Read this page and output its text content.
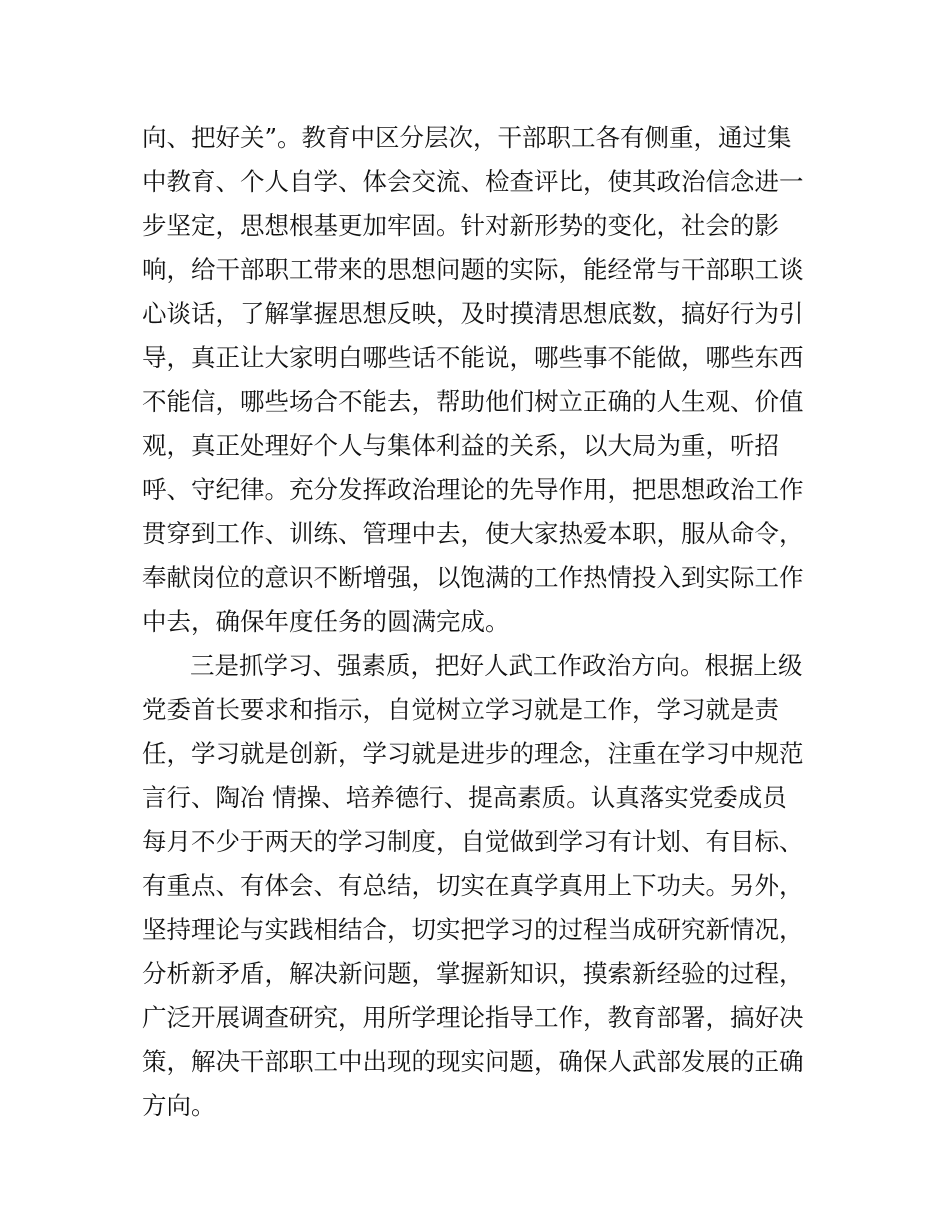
向、把好关”。教育中区分层次，干部职工各有侧重，通过集
中教育、个人自学、体会交流、检查评比，使其政治信念进一
步坚定，思想根基更加牢固。针对新形势的变化，社会的影
响，给干部职工带来的思想问题的实际，能经常与干部职工谈
心谈话，了解掌握思想反映，及时摸清思想底数，搞好行为引
导，真正让大家明白哪些话不能说，哪些事不能做，哪些东西
不能信，哪些场合不能去，帮助他们树立正确的人生观、价值
观，真正处理好个人与集体利益的关系，以大局为重，听招
呼、守纪律。充分发挥政治理论的先导作用，把思想政治工作
贯穿到工作、训练、管理中去，使大家热爱本职，服从命令，
奉献岗位的意识不断增强，以饱满的工作热情投入到实际工作
中去，确保年度任务的圆满完成。
三是抓学习、强素质，把好人武工作政治方向。根据上级
党委首长要求和指示，自觉树立学习就是工作，学习就是责
任，学习就是创新，学习就是进步的理念，注重在学习中规范
言行、陶冶 情操、培养德行、提高素质。认真落实党委成员
每月不少于两天的学习制度，自觉做到学习有计划、有目标、
有重点、有体会、有总结，切实在真学真用上下功夫。另外，
坚持理论与实践相结合，切实把学习的过程当成研究新情况，
分析新矛盾，解决新问题，掌握新知识，摸索新经验的过程，
广泛开展调查研究，用所学理论指导工作，教育部署，搞好决
策，解决干部职工中出现的现实问题，确保人武部发展的正确
方向。
